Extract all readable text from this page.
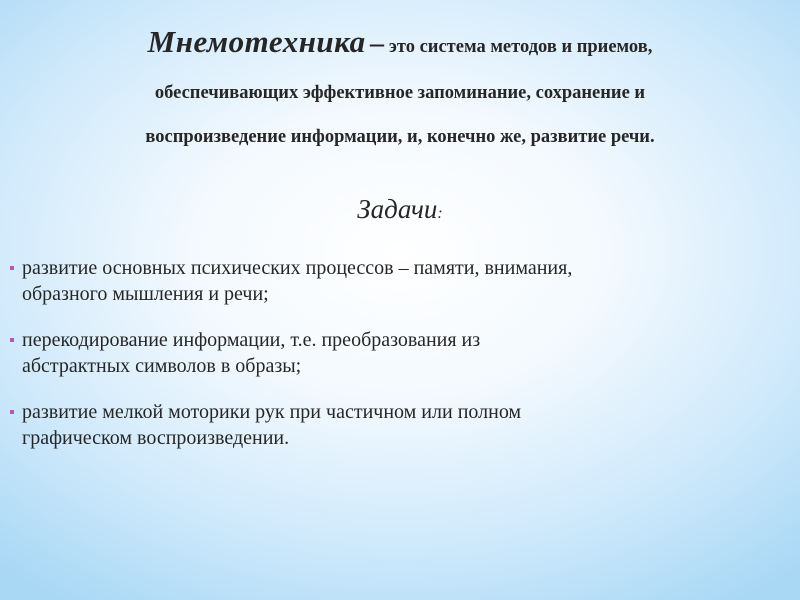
Мнемотехника – это система методов и приемов,
обеспечивающих эффективное запоминание, сохранение и
воспроизведение информации, и, конечно же, развитие речи.
Задачи:
развитие основных психических процессов – памяти, внимания,
образного мышления и речи;
перекодирование информации, т.е. преобразования из
абстрактных символов в образы;
развитие мелкой моторики рук при частичном или полном
графическом воспроизведении.
